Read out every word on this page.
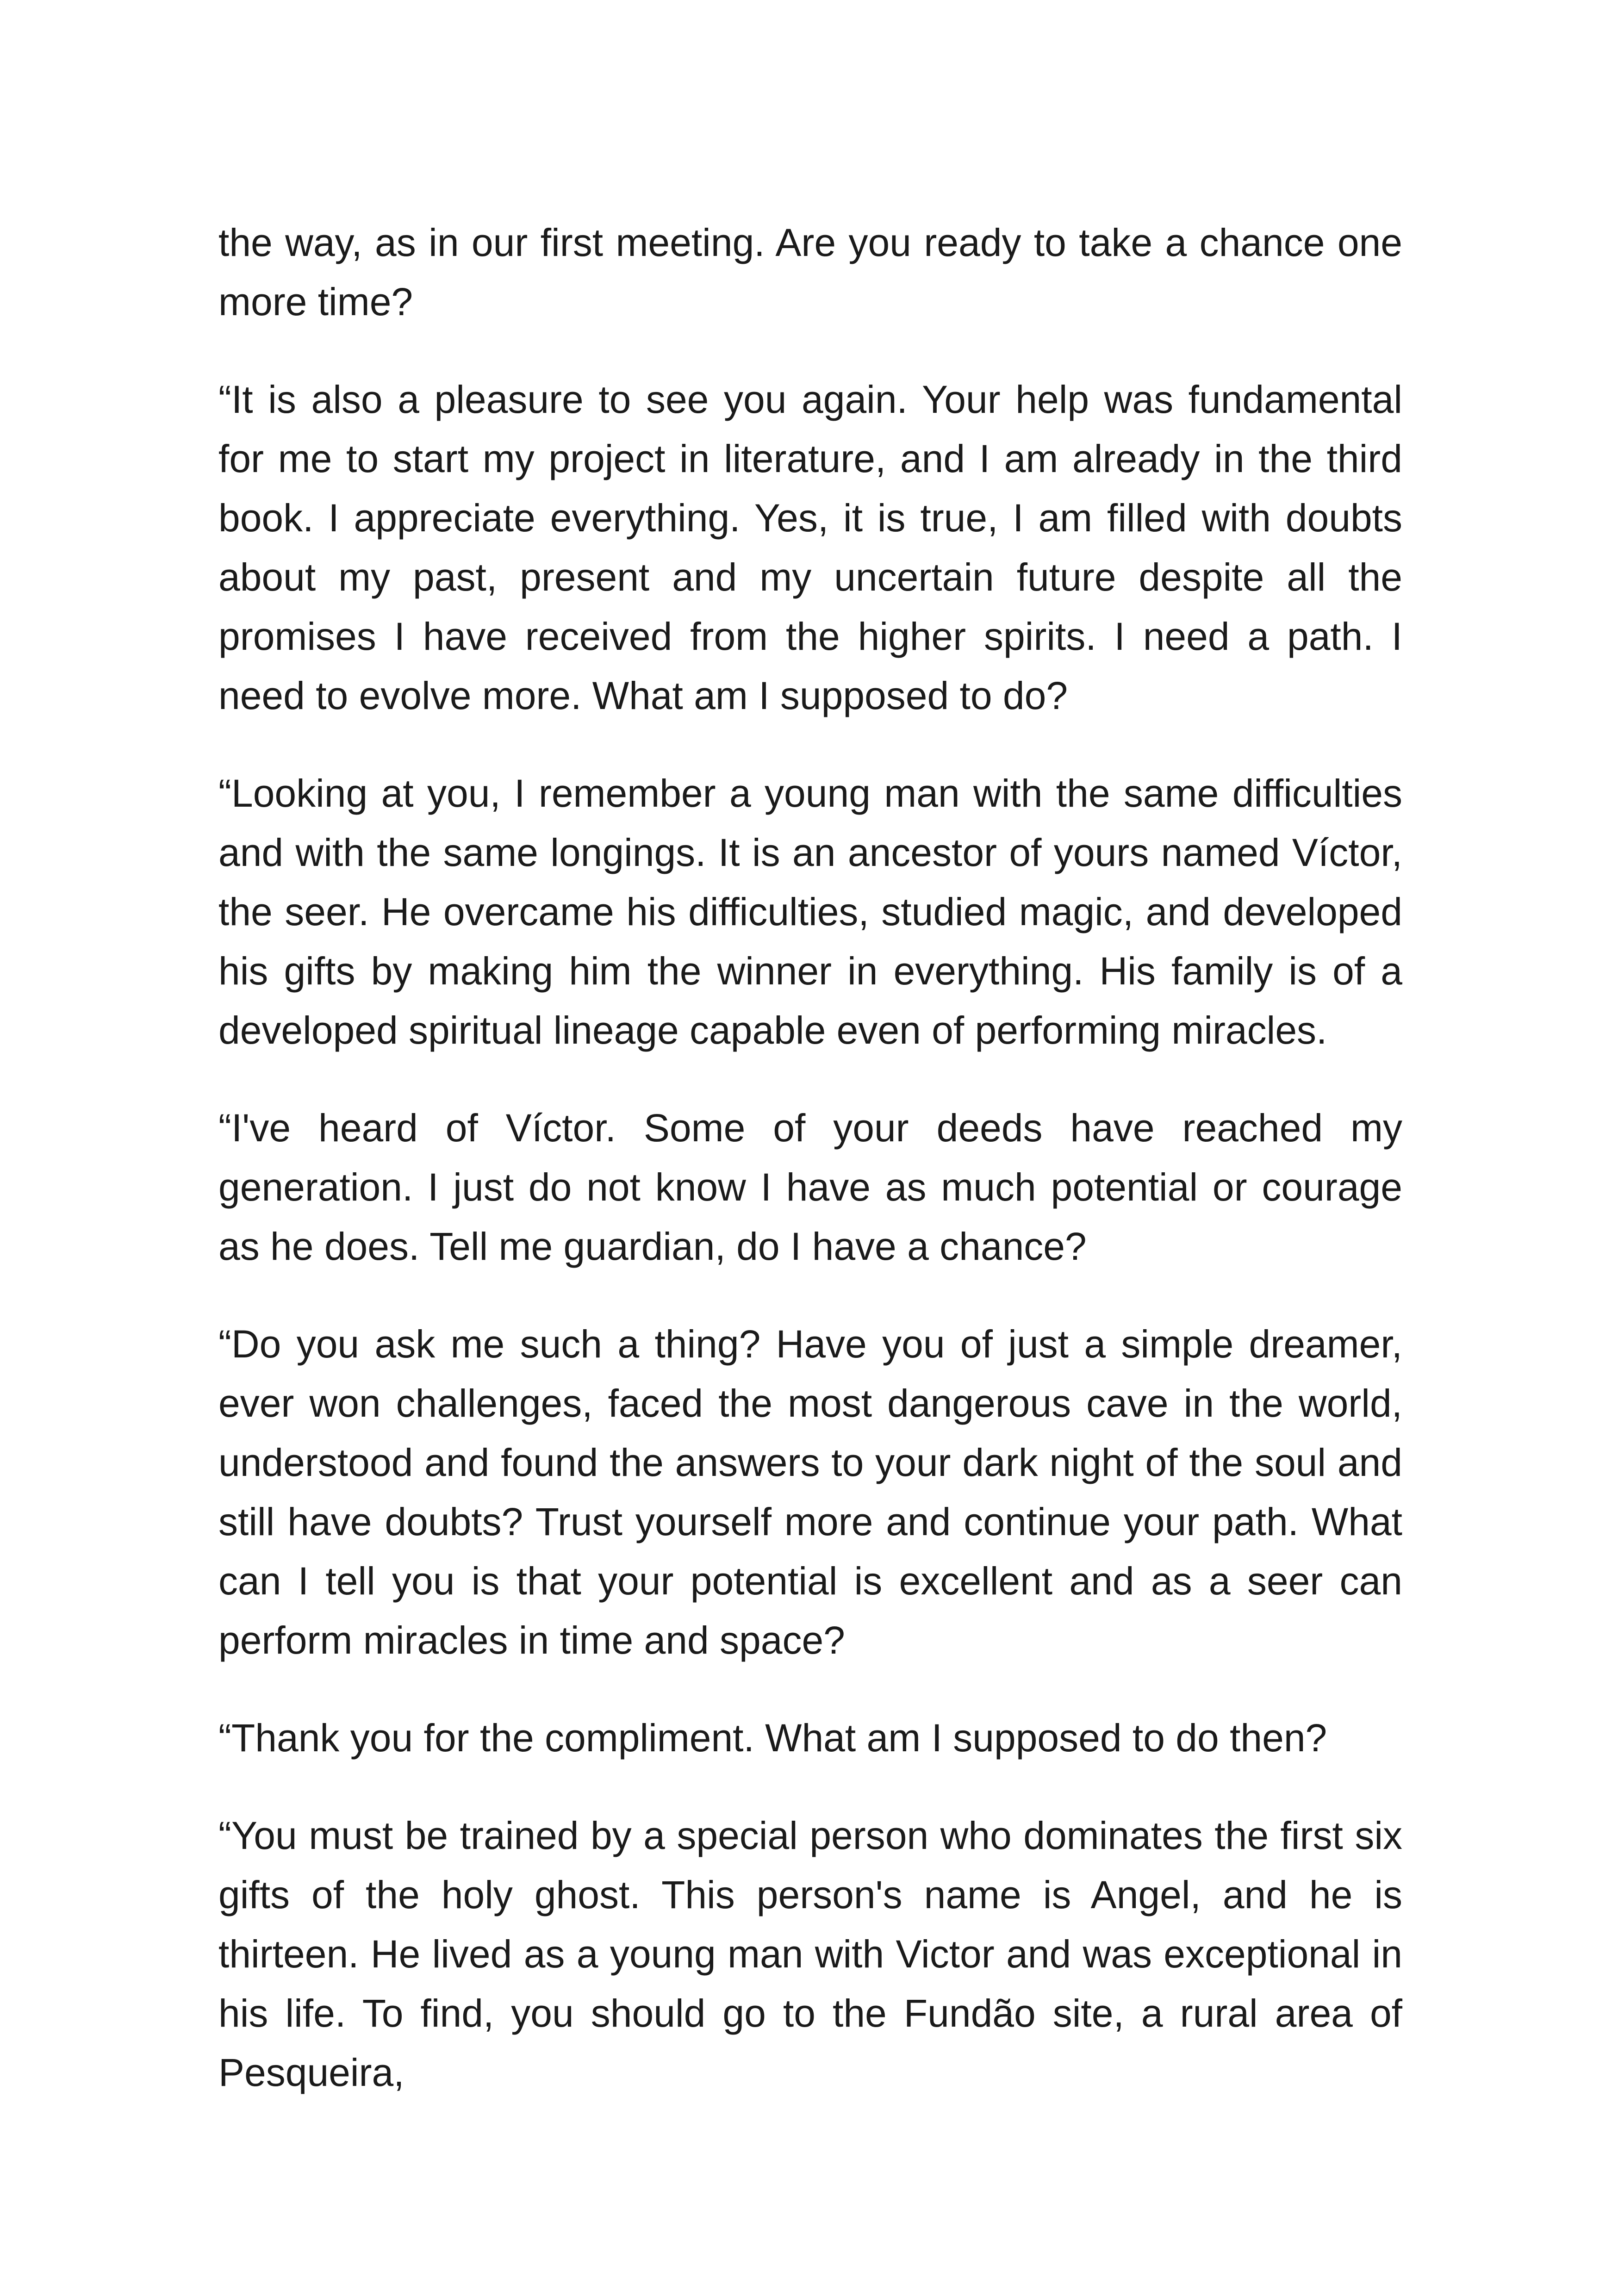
the way, as in our first meeting. Are you ready to take a chance one more time?

“It is also a pleasure to see you again. Your help was fundamental for me to start my project in literature, and I am already in the third book. I appreciate everything. Yes, it is true, I am filled with doubts about my past, present and my uncertain future despite all the promises I have received from the higher spirits. I need a path. I need to evolve more. What am I supposed to do?

“Looking at you, I remember a young man with the same difficulties and with the same longings. It is an ancestor of yours named Víctor, the seer. He overcame his difficulties, studied magic, and developed his gifts by making him the winner in everything. His family is of a developed spiritual lineage capable even of performing miracles.

“I've heard of Víctor. Some of your deeds have reached my generation. I just do not know I have as much potential or courage as he does. Tell me guardian, do I have a chance?

“Do you ask me such a thing? Have you of just a simple dreamer, ever won challenges, faced the most dangerous cave in the world, understood and found the answers to your dark night of the soul and still have doubts? Trust yourself more and continue your path. What can I tell you is that your potential is excellent and as a seer can perform miracles in time and space?

“Thank you for the compliment. What am I supposed to do then?

“You must be trained by a special person who dominates the first six gifts of the holy ghost. This person's name is Angel, and he is thirteen. He lived as a young man with Victor and was exceptional in his life. To find, you should go to the Fundão site, a rural area of Pesqueira,
